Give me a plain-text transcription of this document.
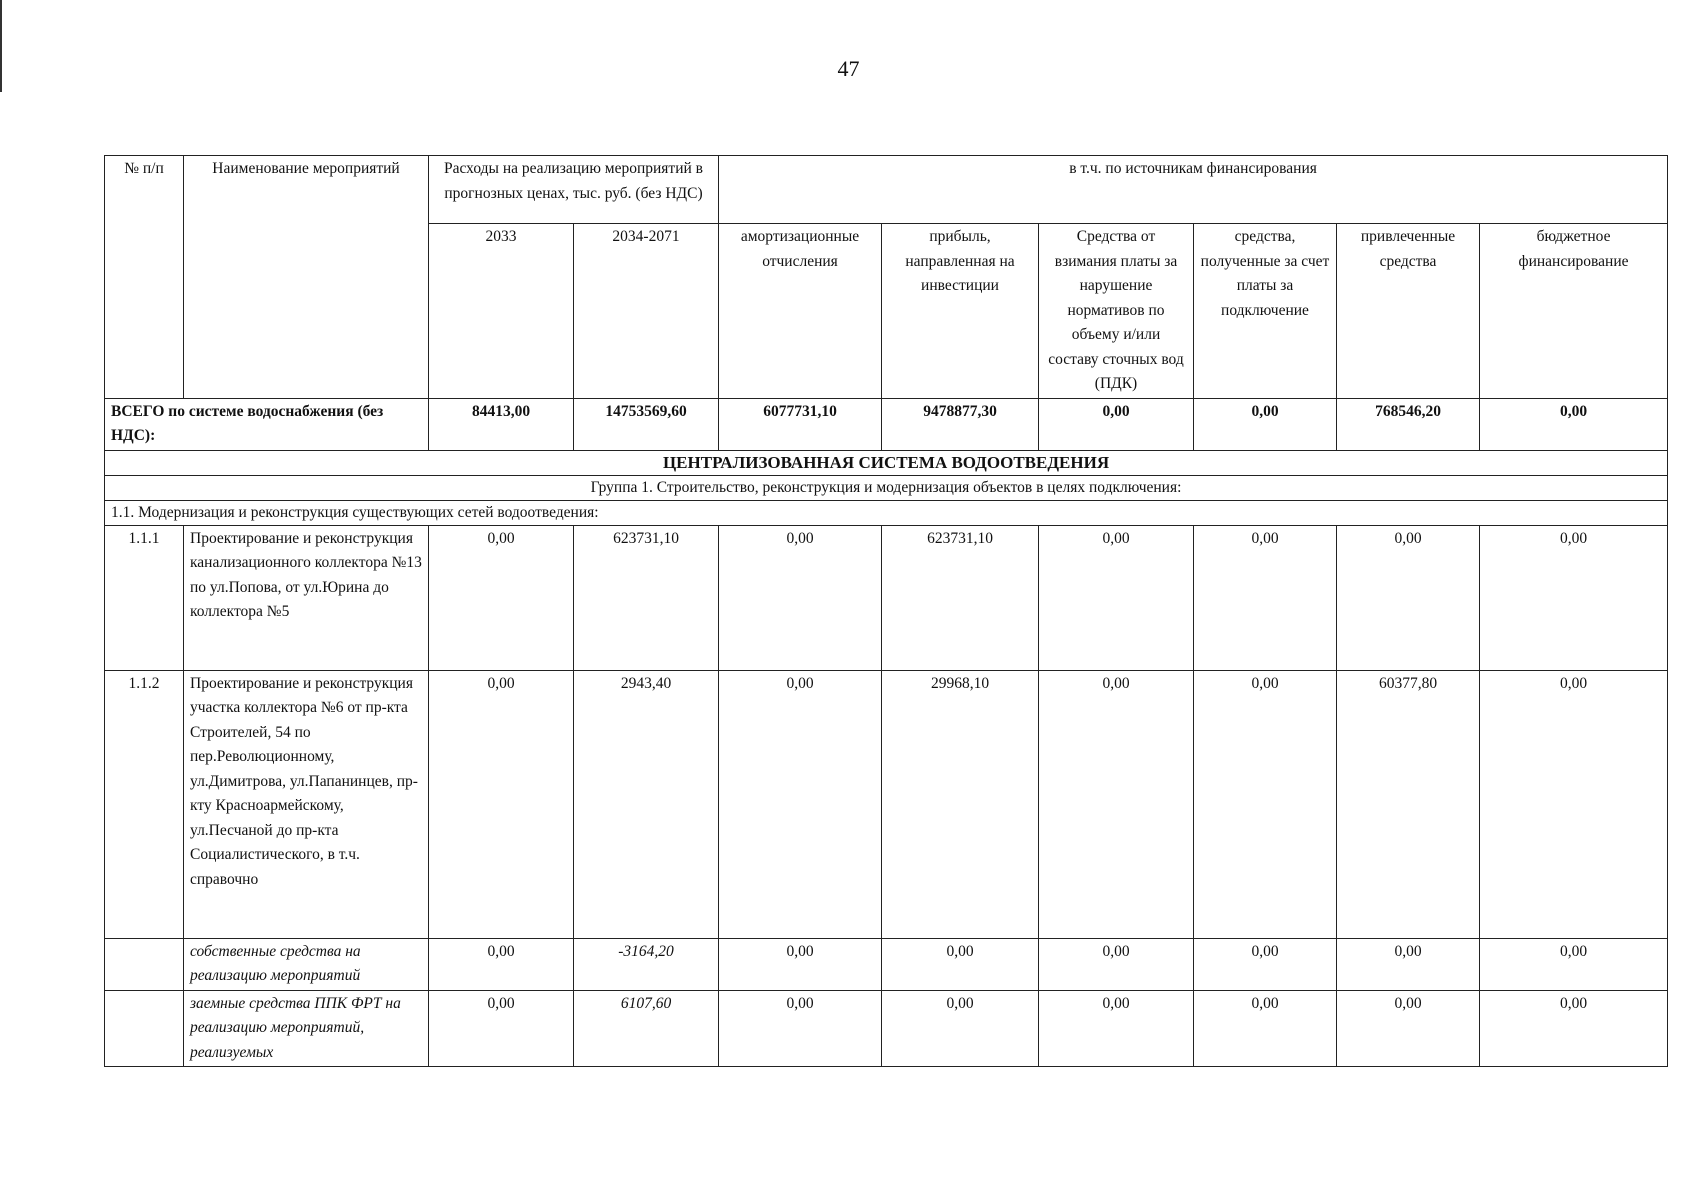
47
№ п/п	Наименование мероприятий	Расходы на реализацию мероприятий в прогнозных ценах, тыс. руб. (без НДС)		в т.ч. по источникам финансирования					
		2033	2034-2071	амортизационные отчисления	прибыль, направленная на инвестиции	Средства от взимания платы за нарушение нормативов по объему и/или составу сточных вод (ПДК)	средства, полученные за счет платы за подключение	привлеченные средства	бюджетное финансирование
ВСЕГО по системе водоснабжения (без НДС):		84413,00	14753569,60	6077731,10	9478877,30	0,00	0,00	768546,20	0,00
ЦЕНТРАЛИЗОВАННАЯ СИСТЕМА ВОДООТВЕДЕНИЯ									
Группа 1. Строительство, реконструкция и модернизация объектов в целях подключения:									
1.1. Модернизация и реконструкция существующих сетей водоотведения:									
1.1.1	Проектирование и реконструкция канализационного коллектора №13 по ул.Попова, от ул.Юрина до коллектора №5	0,00	623731,10	0,00	623731,10	0,00	0,00	0,00	0,00
1.1.2	Проектирование и реконструкция участка коллектора №6 от пр-кта Строителей, 54 по пер.Революционному, ул.Димитрова, ул.Папанинцев, пр-кту Красноармейскому, ул.Песчаной до пр-кта Социалистического, в т.ч. справочно	0,00	2943,40	0,00	29968,10	0,00	0,00	60377,80	0,00
	собственные средства на реализацию мероприятий	0,00	-3164,20	0,00	0,00	0,00	0,00	0,00	0,00
	заемные средства ППК ФРТ на реализацию мероприятий, реализуемых	0,00	6107,60	0,00	0,00	0,00	0,00	0,00	0,00
